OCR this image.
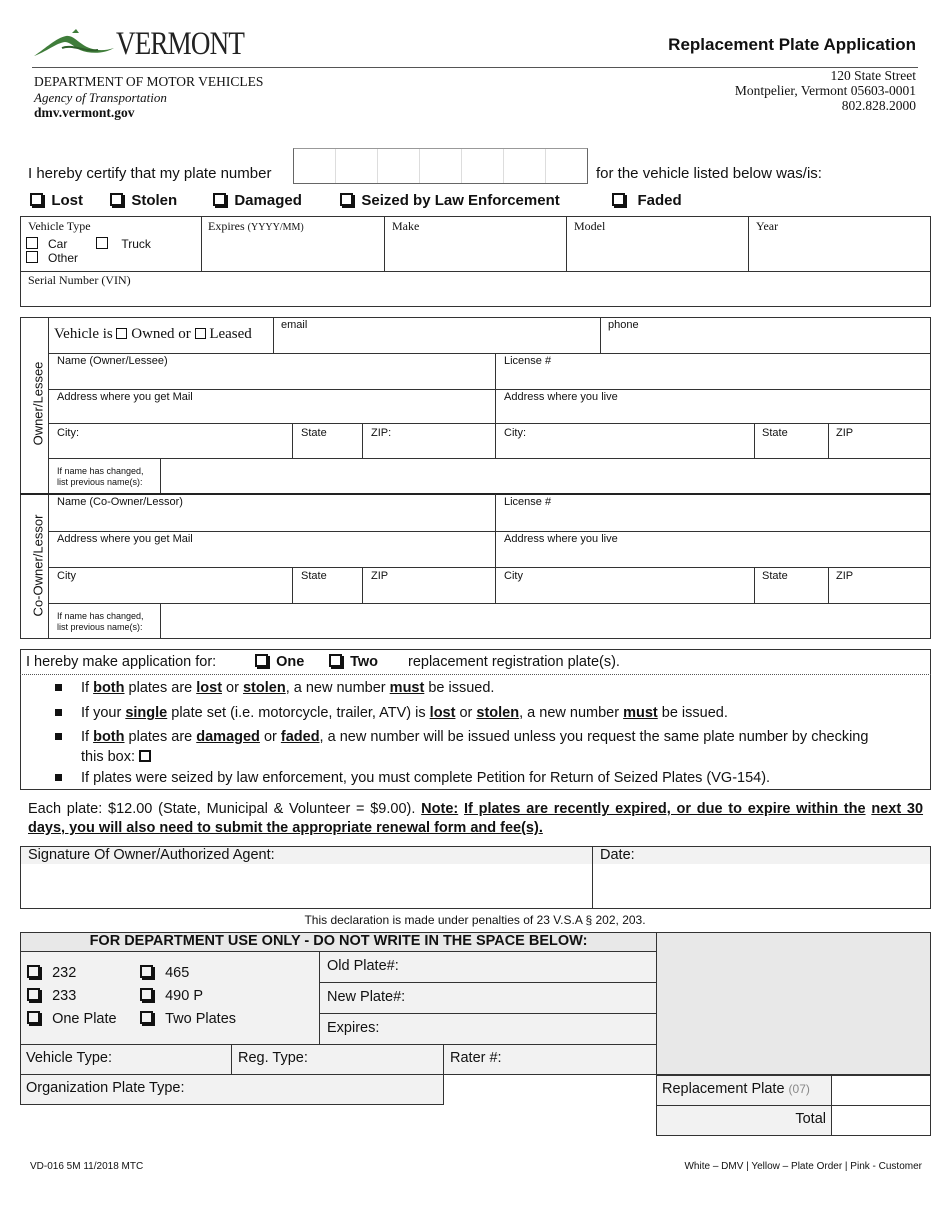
VERMONT	Replacement Plate Application
DEPARTMENT OF MOTOR VEHICLES
Agency of Transportation
dmv.vermont.gov
120 State Street
Montpelier, Vermont 05603-0001
802.828.2000
I hereby certify that my plate number	for the vehicle listed below was/is:
Lost	Stolen	Damaged	Seized by Law Enforcement	Faded
Vehicle Type
Car	Truck
Other
Expires (YYYY/MM)	Make	Model	Year
Serial Number (VIN)
Owner/Lessee
Co-Owner/Lessor
Vehicle is Owned or Leased
email	phone
Name (Owner/Lessee)	License #
Address where you get Mail	Address where you live
City:	State	ZIP:	City:	State	ZIP
If name has changed,
list previous name(s):
Name (Co-Owner/Lessor)	License #
Address where you get Mail	Address where you live
City	State	ZIP	City	State	ZIP
If name has changed,
list previous name(s):
I hereby make application for:	One	Two replacement registration plate(s).
If both plates are lost or stolen, a new number must be issued.
If your single plate set (i.e. motorcycle, trailer, ATV) is lost or stolen, a new number must be issued.
If both plates are damaged or faded, a new number will be issued unless you request the same plate number by checking
this box:
If plates were seized by law enforcement, you must complete Petition for Return of Seized Plates (VG-154).
Each plate: $12.00 (State, Municipal & Volunteer = $9.00). Note: If plates are recently expired, or due to expire within the next 30 days, you will also need to submit the appropriate renewal form and fee(s).
Signature Of Owner/Authorized Agent:	Date:
This declaration is made under penalties of 23 V.S.A § 202, 203.
FOR DEPARTMENT USE ONLY - DO NOT WRITE IN THE SPACE BELOW:
232	465
233	490 P
One Plate	Two Plates
Old Plate#:
New Plate#:
Expires:
Vehicle Type:	Reg. Type:	Rater #:
Organization Plate Type:	Replacement Plate (07)
Total
VD-016 5M 11/2018 MTC	White – DMV | Yellow – Plate Order | Pink - Customer
